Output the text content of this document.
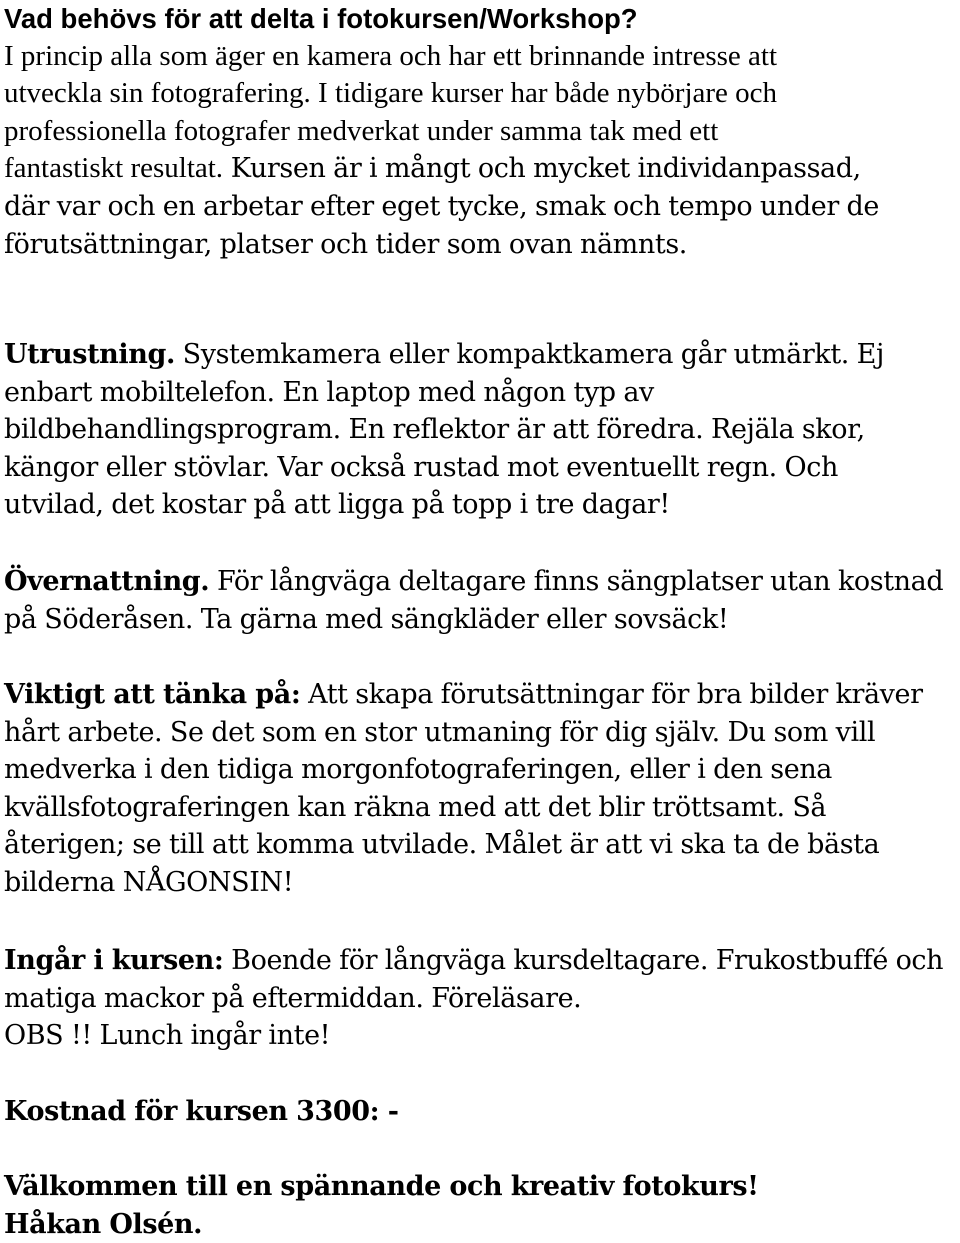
Vad behövs för att delta i fotokursen/Workshop?
I princip alla som äger en kamera och har ett brinnande intresse att
utveckla sin fotografering. I tidigare kurser har både nybörjare och
professionella fotografer medverkat under samma tak med ett
fantastiskt resultat. Kursen är i mångt och mycket individanpassad,
där var och en arbetar efter eget tycke, smak och tempo under de
förutsättningar, platser och tider som ovan nämnts.
Utrustning. Systemkamera eller kompaktkamera går utmärkt. Ej
enbart mobiltelefon. En laptop med någon typ av
bildbehandlingsprogram. En reflektor är att föredra. Rejäla skor,
kängor eller stövlar. Var också rustad mot eventuellt regn. Och
utvilad, det kostar på att ligga på topp i tre dagar!
Övernattning. För långväga deltagare finns sängplatser utan kostnad
på Söderåsen. Ta gärna med sängkläder eller sovsäck!
Viktigt att tänka på: Att skapa förutsättningar för bra bilder kräver
hårt arbete. Se det som en stor utmaning för dig själv. Du som vill
medverka i den tidiga morgonfotograferingen, eller i den sena
kvällsfotograferingen kan räkna med att det blir tröttsamt. Så
återigen; se till att komma utvilade. Målet är att vi ska ta de bästa
bilderna NÅGONSIN!
Ingår i kursen: Boende för långväga kursdeltagare. Frukostbuffé och
matiga mackor på eftermiddan. Föreläsare.
OBS !! Lunch ingår inte!
Kostnad för kursen 3300: -
Välkommen till en spännande och kreativ fotokurs!
Håkan Olsén.
